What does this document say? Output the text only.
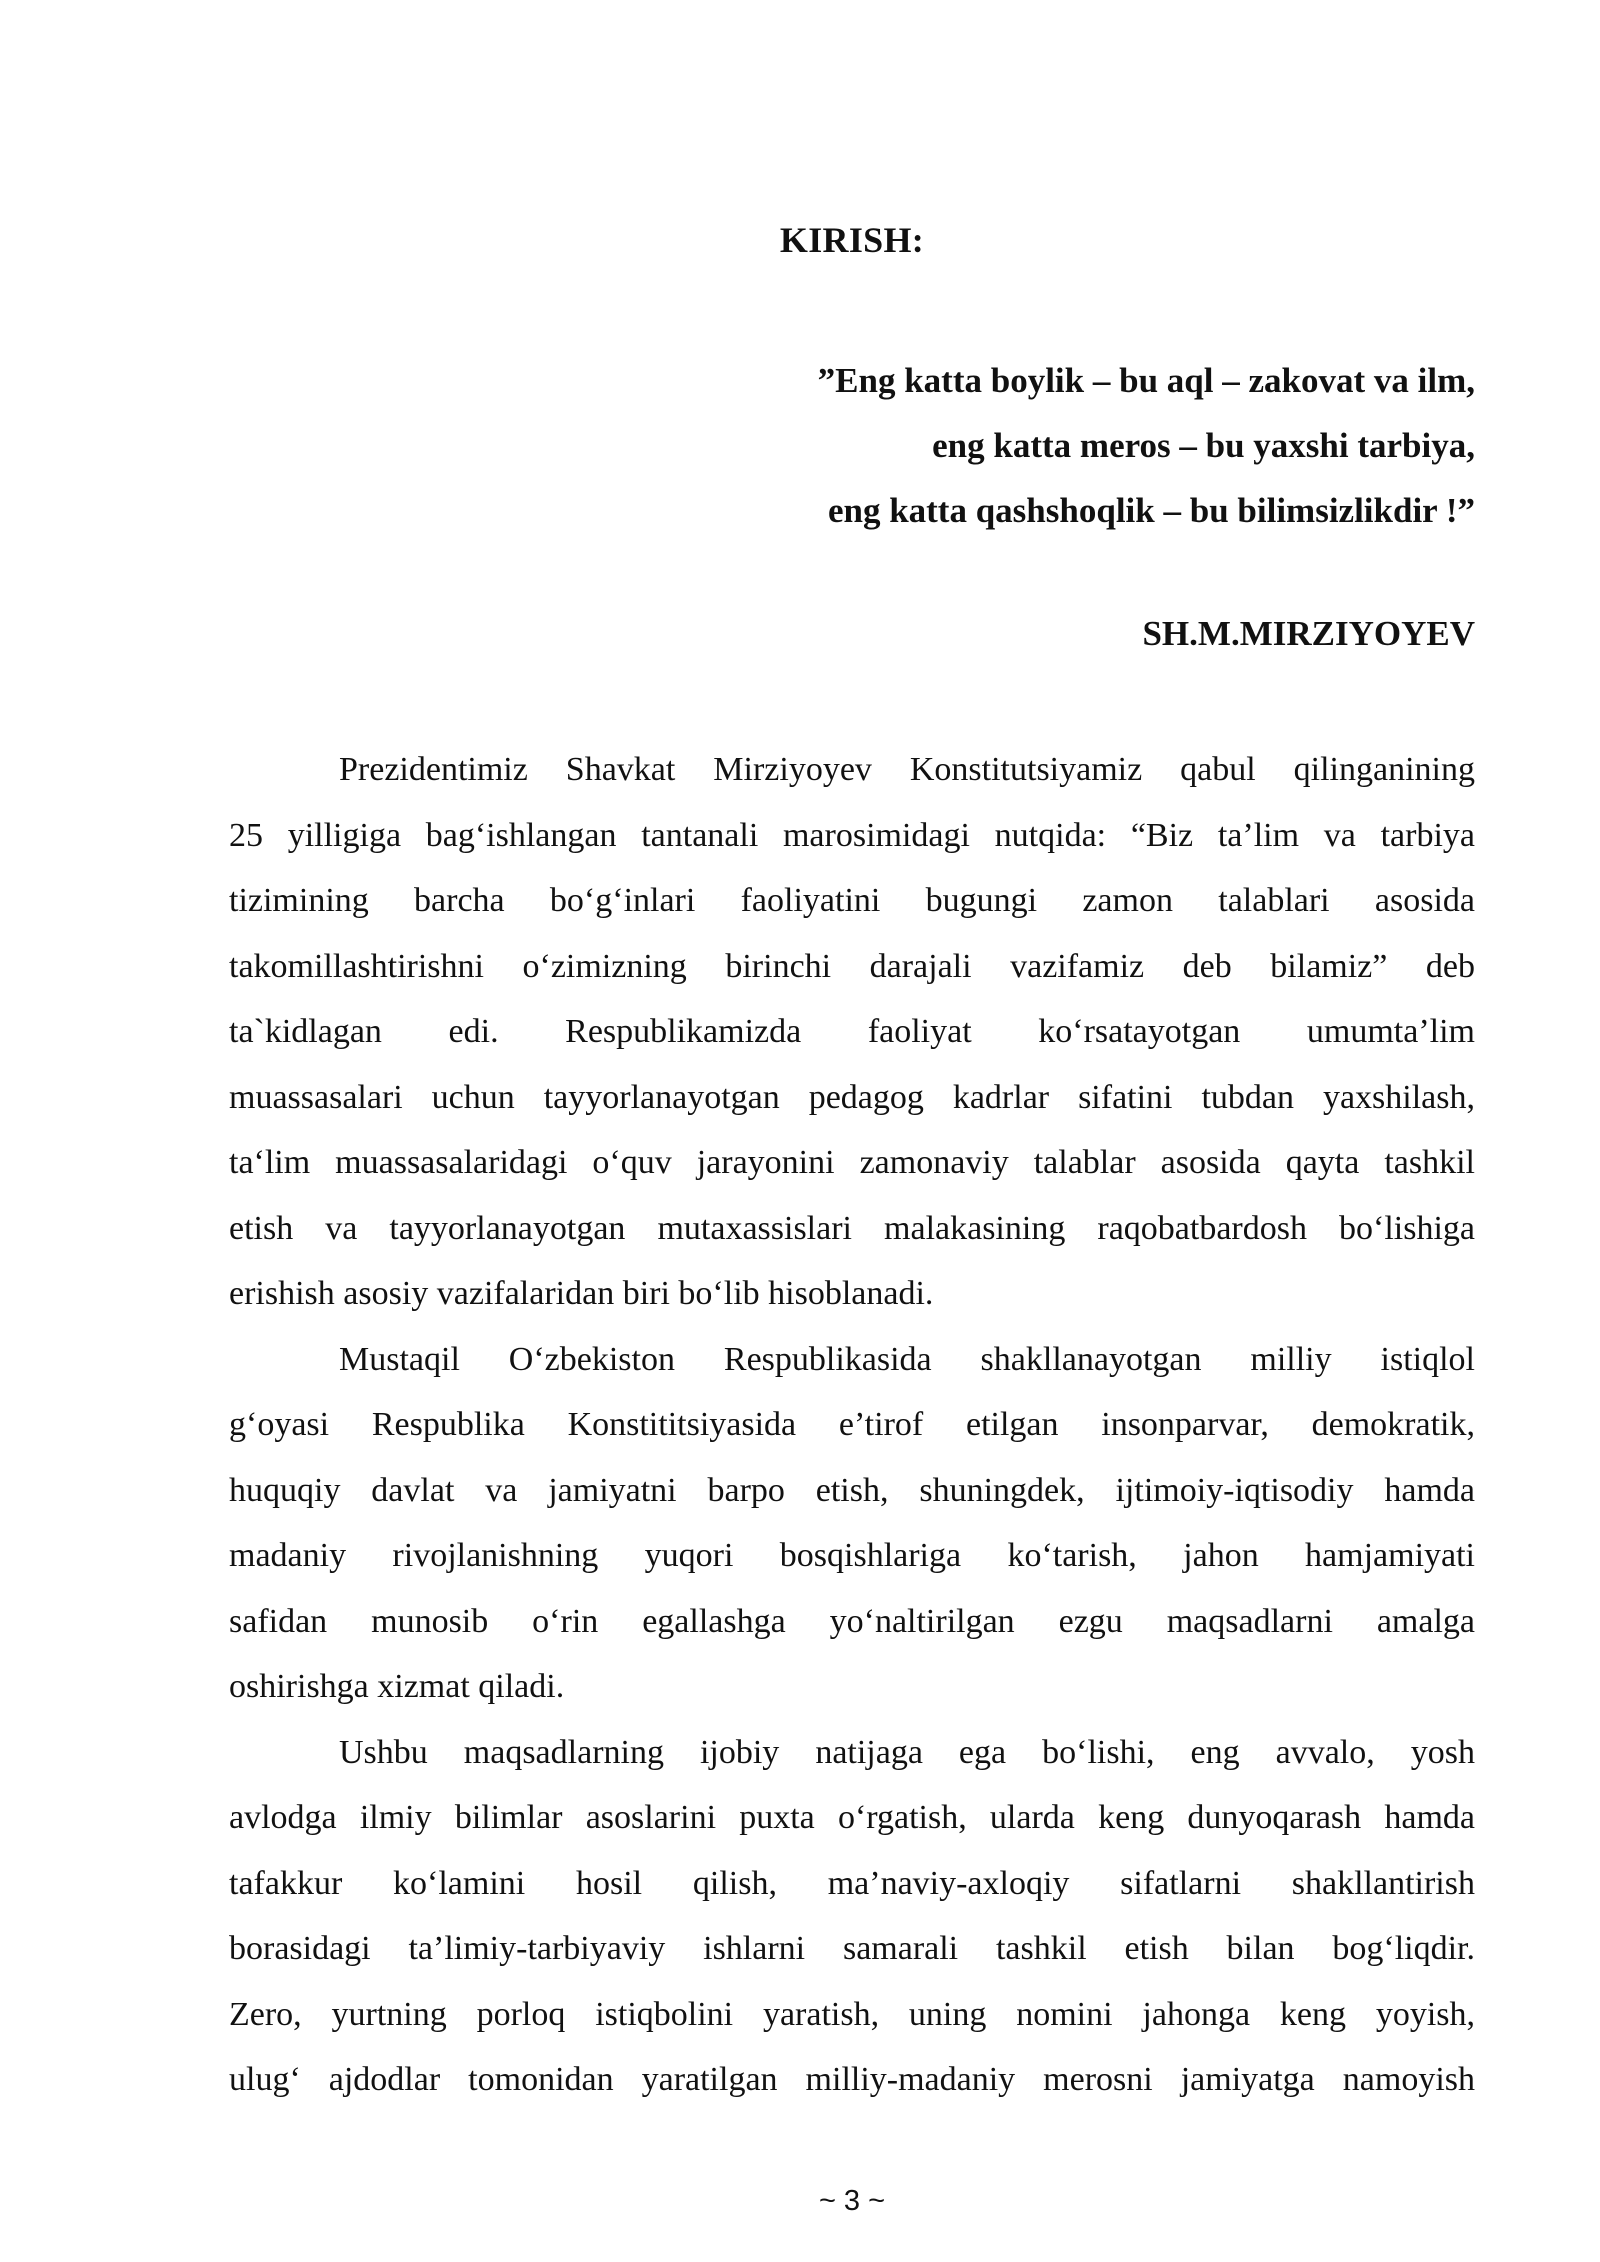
KIRISH:
”Eng katta boylik – bu aql – zakovat va ilm,
eng katta meros – bu yaxshi tarbiya,
eng katta qashshoqlik – bu bilimsizlikdir !”
SH.M.MIRZIYOYEV
Prezidentimiz Shavkat Mirziyoyev Konstitutsiyamiz qabul qilinganining
25 yilligiga bag‘ishlangan tantanali marosimidagi nutqida: “Biz ta’lim va tarbiya
tizimining barcha bo‘g‘inlari faoliyatini bugungi zamon talablari asosida
takomillashtirishni o‘zimizning birinchi darajali vazifamiz deb bilamiz” deb
ta`kidlagan edi. Respublikamizda faoliyat ko‘rsatayotgan umumta’lim
muassasalari uchun tayyorlanayotgan pedagog kadrlar sifatini tubdan yaxshilash,
ta‘lim muassasalaridagi o‘quv jarayonini zamonaviy talablar asosida qayta tashkil
etish va tayyorlanayotgan mutaxassislari malakasining raqobatbardosh bo‘lishiga
erishish asosiy vazifalaridan biri bo‘lib hisoblanadi.
Mustaqil O‘zbekiston Respublikasida shakllanayotgan milliy istiqlol
g‘oyasi Respublika Konstititsiyasida e’tirof etilgan insonparvar, demokratik,
huquqiy davlat va jamiyatni barpo etish, shuningdek, ijtimoiy-iqtisodiy hamda
madaniy rivojlanishning yuqori bosqishlariga ko‘tarish, jahon hamjamiyati
safidan munosib o‘rin egallashga yo‘naltirilgan ezgu maqsadlarni amalga
oshirishga xizmat qiladi.
Ushbu maqsadlarning ijobiy natijaga ega bo‘lishi, eng avvalo, yosh
avlodga ilmiy bilimlar asoslarini puxta o‘rgatish, ularda keng dunyoqarash hamda
tafakkur ko‘lamini hosil qilish, ma’naviy-axloqiy sifatlarni shakllantirish
borasidagi ta’limiy-tarbiyaviy ishlarni samarali tashkil etish bilan bog‘liqdir.
Zero, yurtning porloq istiqbolini yaratish, uning nomini jahonga keng yoyish,
ulug‘ ajdodlar tomonidan yaratilgan milliy-madaniy merosni jamiyatga namoyish
~ 3 ~
